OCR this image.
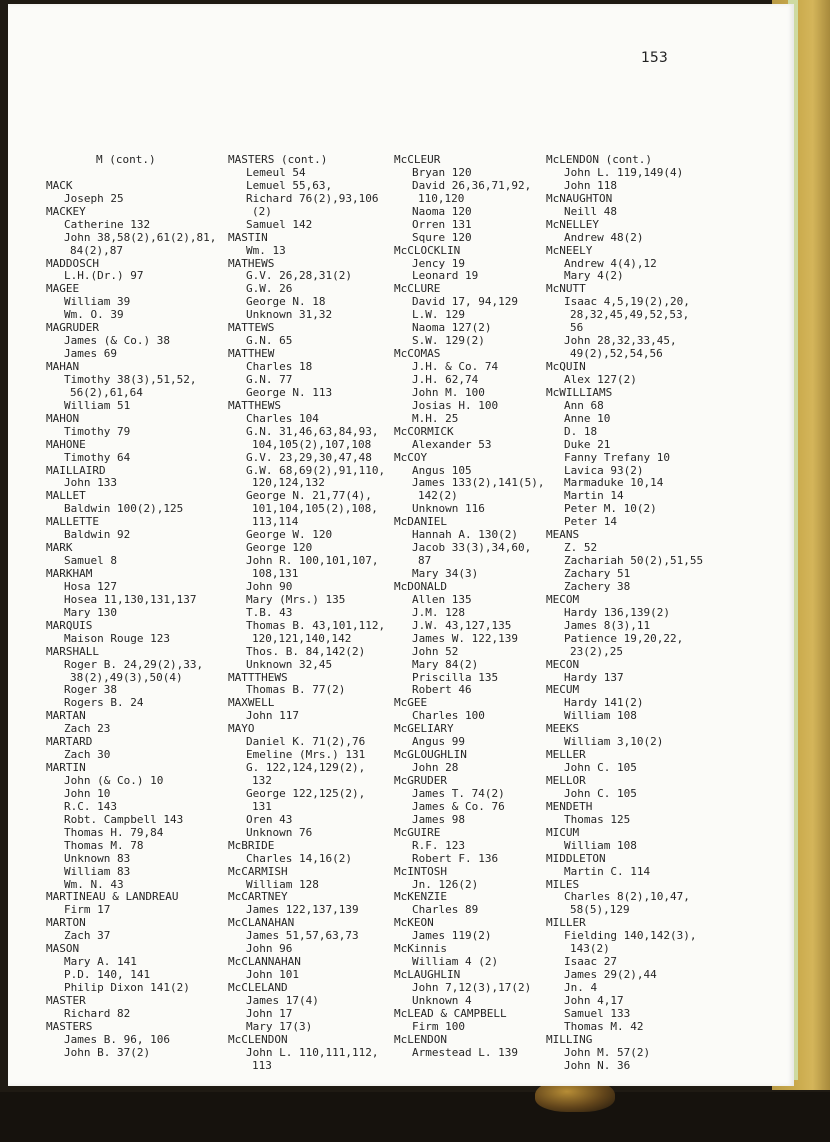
153
M (cont.)
MACK
Joseph 25
MACKEY
Catherine 132
John 38,58(2),61(2),81,
84(2),87
MADDOSCH
L.H.(Dr.) 97
MAGEE
William 39
Wm. O. 39
MAGRUDER
James (& Co.) 38
James 69
MAHAN
Timothy 38(3),51,52,
56(2),61,64
William 51
MAHON
Timothy 79
MAHONE
Timothy 64
MAILLAIRD
John 133
MALLET
Baldwin 100(2),125
MALLETTE
Baldwin 92
MARK
Samuel 8
MARKHAM
Hosa 127
Hosea 11,130,131,137
Mary 130
MARQUIS
Maison Rouge 123
MARSHALL
Roger B. 24,29(2),33,
38(2),49(3),50(4)
Roger 38
Rogers B. 24
MARTAN
Zach 23
MARTARD
Zach 30
MARTIN
John (& Co.) 10
John 10
R.C. 143
Robt. Campbell 143
Thomas H. 79,84
Thomas M. 78
Unknown 83
William 83
Wm. N. 43
MARTINEAU & LANDREAU
Firm 17
MARTON
Zach 37
MASON
Mary A. 141
P.D. 140, 141
Philip Dixon 141(2)
MASTER
Richard 82
MASTERS
James B. 96, 106
John B. 37(2)
MASTERS (cont.)
Lemeul 54
Lemuel 55,63,
Richard 76(2),93,106
(2)
Samuel 142
MASTIN
Wm. 13
MATHEWS
G.V. 26,28,31(2)
G.W. 26
George N. 18
Unknown 31,32
MATTEWS
G.N. 65
MATTHEW
Charles 18
G.N. 77
George N. 113
MATTHEWS
Charles 104
G.N. 31,46,63,84,93,
104,105(2),107,108
G.V. 23,29,30,47,48
G.W. 68,69(2),91,110,
120,124,132
George N. 21,77(4),
101,104,105(2),108,
113,114
George W. 120
George 120
John R. 100,101,107,
108,131
John 90
Mary (Mrs.) 135
T.B. 43
Thomas B. 43,101,112,
120,121,140,142
Thos. B. 84,142(2)
Unknown 32,45
MATTTHEWS
Thomas B. 77(2)
MAXWELL
John 117
MAYO
Daniel K. 71(2),76
Emeline (Mrs.) 131
G. 122,124,129(2),
132
George 122,125(2),
131
Oren 43
Unknown 76
McBRIDE
Charles 14,16(2)
McCARMISH
William 128
McCARTNEY
James 122,137,139
McCLANAHAN
James 51,57,63,73
John 96
McCLANNAHAN
John 101
McCLELAND
James 17(4)
John 17
Mary 17(3)
McCLENDON
John L. 110,111,112,
113
McCLEUR
Bryan 120
David 26,36,71,92,
110,120
Naoma 120
Orren 131
Squre 120
McCLOCKLIN
Jency 19
Leonard 19
McCLURE
David 17, 94,129
L.W. 129
Naoma 127(2)
S.W. 129(2)
McCOMAS
J.H. & Co. 74
J.H. 62,74
John M. 100
Josias H. 100
M.H. 25
McCORMICK
Alexander 53
McCOY
Angus 105
James 133(2),141(5),
142(2)
Unknown 116
McDANIEL
Hannah A. 130(2)
Jacob 33(3),34,60,
87
Mary 34(3)
McDONALD
Allen 135
J.M. 128
J.W. 43,127,135
James W. 122,139
John 52
Mary 84(2)
Priscilla 135
Robert 46
McGEE
Charles 100
McGELIARY
Angus 99
McGLOUGHLIN
John 28
McGRUDER
James T. 74(2)
James & Co. 76
James 98
McGUIRE
R.F. 123
Robert F. 136
McINTOSH
Jn. 126(2)
McKENZIE
Charles 89
McKEON
James 119(2)
McKinnis
William 4 (2)
McLAUGHLIN
John 7,12(3),17(2)
Unknown 4
McLEAD & CAMPBELL
Firm 100
McLENDON
Armestead L. 139
McLENDON (cont.)
John L. 119,149(4)
John 118
McNAUGHTON
Neill 48
McNELLEY
Andrew 48(2)
McNEELY
Andrew 4(4),12
Mary 4(2)
McNUTT
Isaac 4,5,19(2),20,
28,32,45,49,52,53,
56
John 28,32,33,45,
49(2),52,54,56
McQUIN
Alex 127(2)
McWILLIAMS
Ann 68
Anne 10
D. 18
Duke 21
Fanny Trefany 10
Lavica 93(2)
Marmaduke 10,14
Martin 14
Peter M. 10(2)
Peter 14
MEANS
Z. 52
Zachariah 50(2),51,55
Zachary 51
Zachery 38
MECOM
Hardy 136,139(2)
James 8(3),11
Patience 19,20,22,
23(2),25
MECON
Hardy 137
MECUM
Hardy 141(2)
William 108
MEEKS
William 3,10(2)
MELLER
John C. 105
MELLOR
John C. 105
MENDETH
Thomas 125
MICUM
William 108
MIDDLETON
Martin C. 114
MILES
Charles 8(2),10,47,
58(5),129
MILLER
Fielding 140,142(3),
143(2)
Isaac 27
James 29(2),44
Jn. 4
John 4,17
Samuel 133
Thomas M. 42
MILLING
John M. 57(2)
John N. 36
